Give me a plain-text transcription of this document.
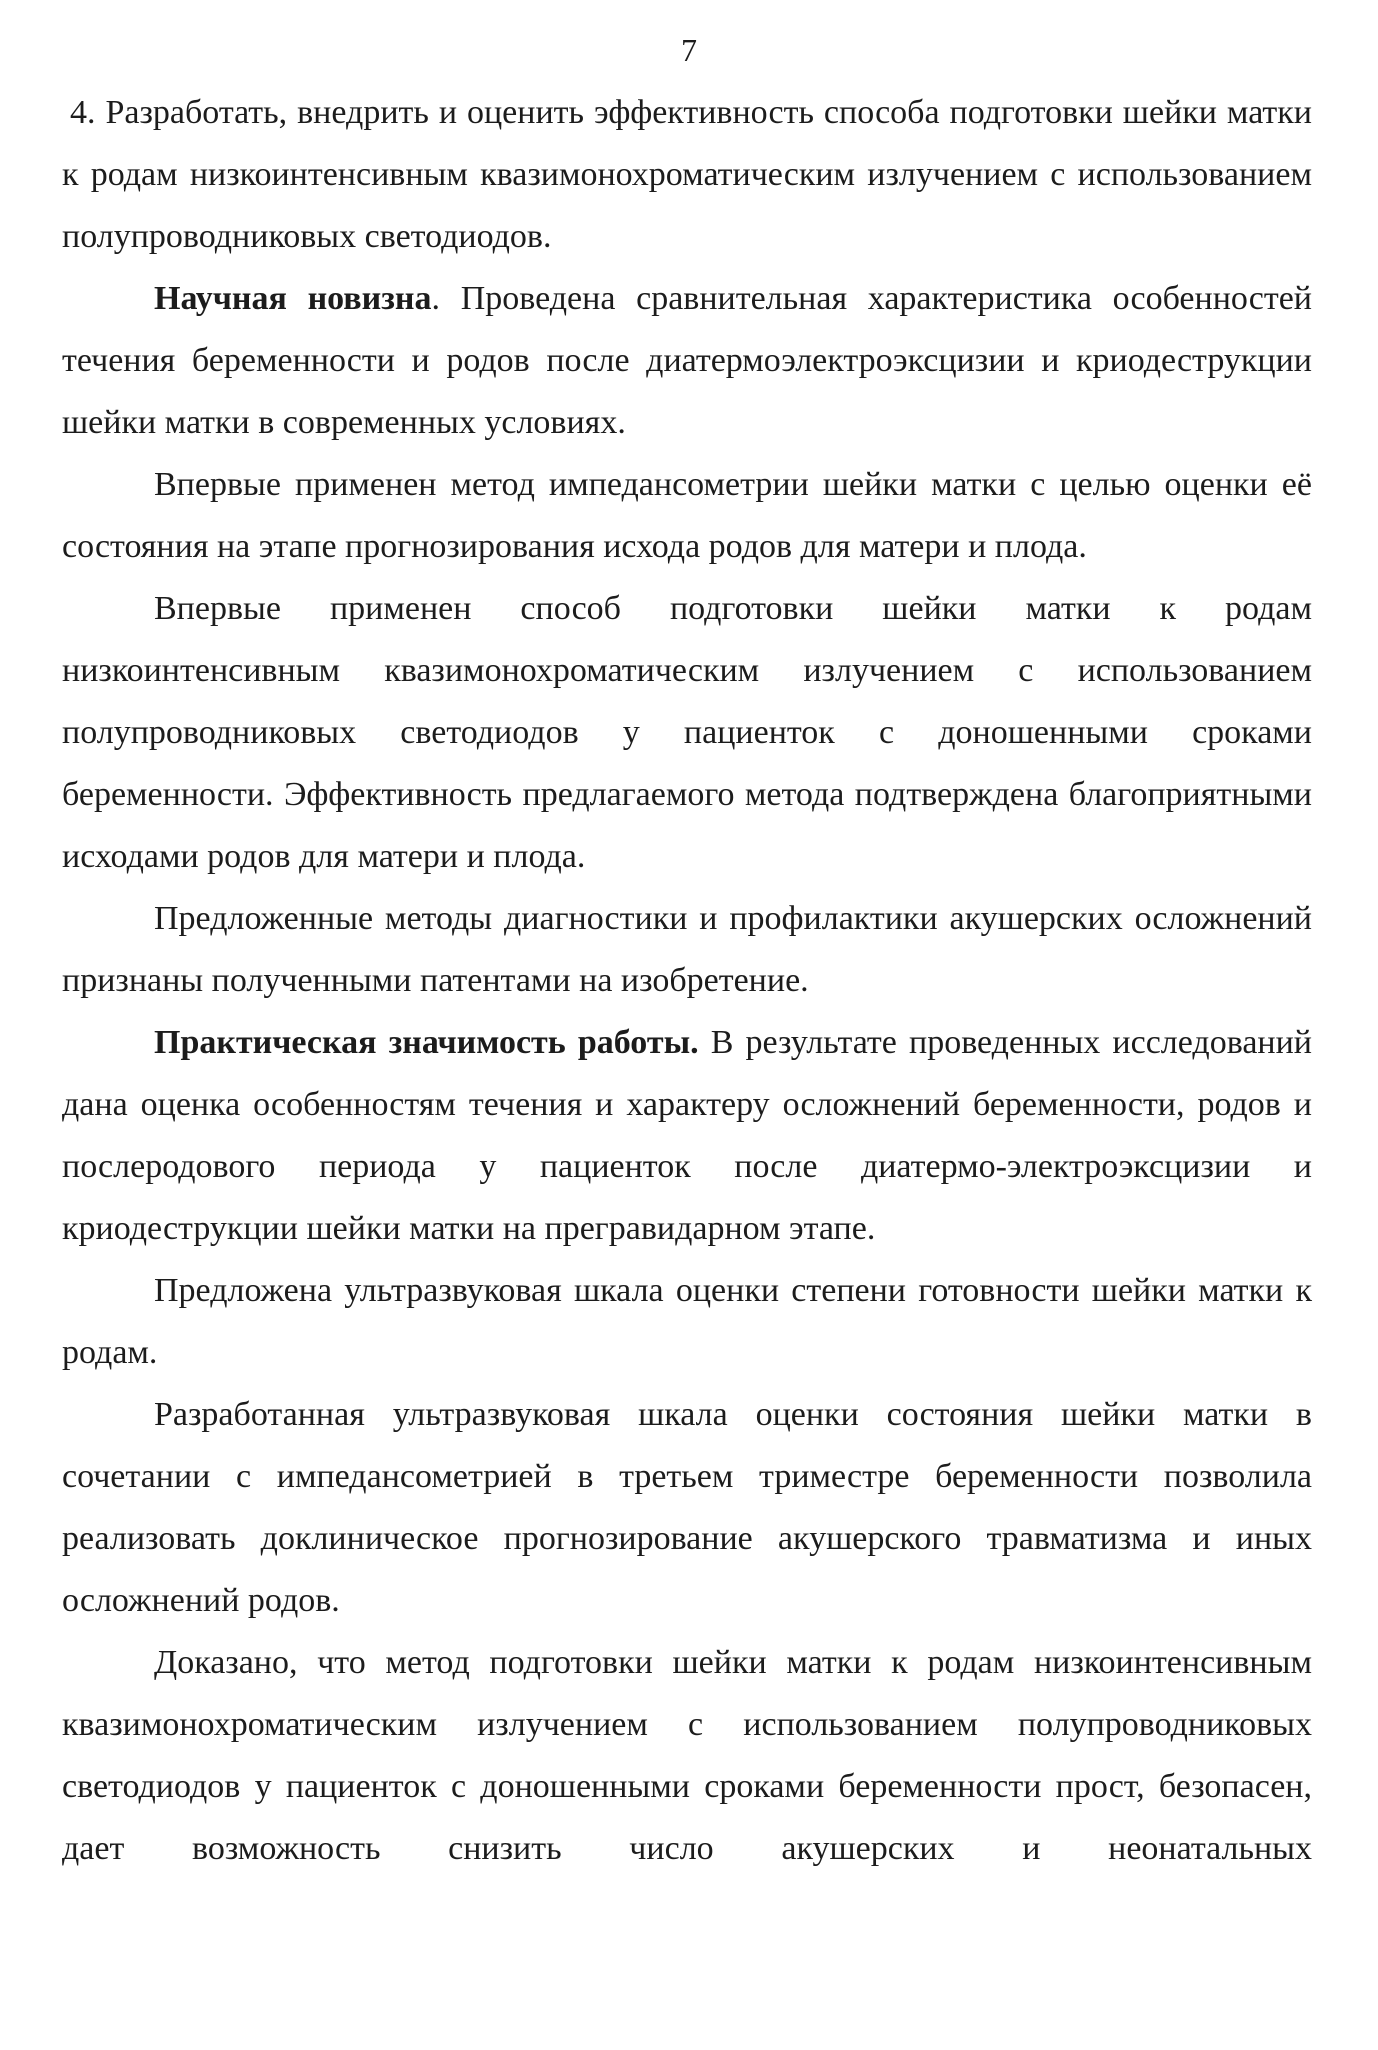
7

4. Разработать, внедрить и оценить эффективность способа подготовки шейки матки к родам низкоинтенсивным квазимонохроматическим излучением с использованием полупроводниковых светодиодов.

Научная новизна. Проведена сравнительная характеристика особенностей течения беременности и родов после диатермоэлектроэксцизии и криодеструкции шейки матки в современных условиях.

Впервые применен метод импедансометрии шейки матки с целью оценки её состояния на этапе прогнозирования исхода родов для матери и плода.

Впервые применен способ подготовки шейки матки к родам низкоинтенсивным квазимонохроматическим излучением с использованием полупроводниковых светодиодов у пациенток с доношенными сроками беременности. Эффективность предлагаемого метода подтверждена благоприятными исходами родов для матери и плода.

Предложенные методы диагностики и профилактики акушерских осложнений признаны полученными патентами на изобретение.

Практическая значимость работы. В результате проведенных исследований дана оценка особенностям течения и характеру осложнений беременности, родов и послеродового периода у пациенток после диатермо-электроэксцизии и криодеструкции шейки матки на прегравидарном этапе.

Предложена ультразвуковая шкала оценки степени готовности шейки матки к родам.

Разработанная ультразвуковая шкала оценки состояния шейки матки в сочетании с импедансометрией в третьем триместре беременности позволила реализовать доклиническое прогнозирование акушерского травматизма и иных осложнений родов.

Доказано, что метод подготовки шейки матки к родам низкоинтенсивным квазимонохроматическим излучением с использованием полупроводниковых светодиодов у пациенток с доношенными сроками беременности прост, безопасен, дает возможность снизить число акушерских и неонатальных
